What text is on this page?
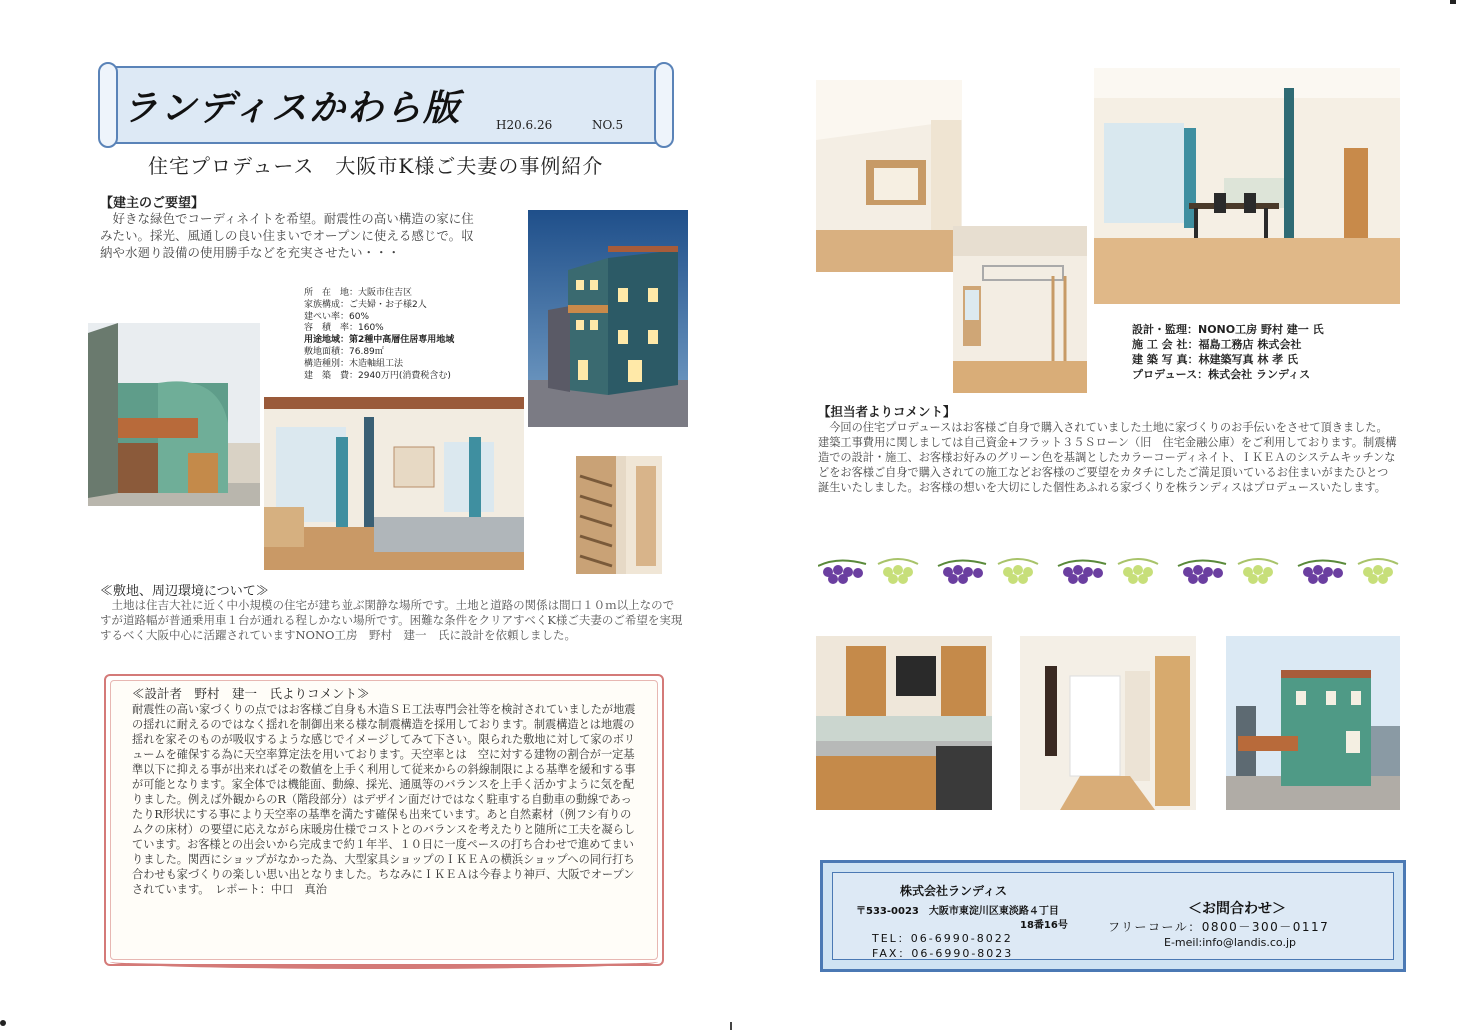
ランディスかわら版	H20.6.26	NO.5
住宅プロデュース　大阪市K様ご夫妻の事例紹介
【建主のご要望】
好きな緑色でコーディネイトを希望。耐震性の高い構造の家に住みたい。採光、風通しの良い住まいでオープンに使える感じで。収納や水廻り設備の使用勝手などを充実させたい・・・
所　在　地：大阪市住吉区
家族構成：ご夫婦・お子様2人
建ぺい率：60%
容　積　率：160%
用途地域：第2種中高層住居専用地域
敷地面積：76.89㎡
構造種別：木造軸組工法
建　築　費：2940万円(消費税含む)
≪敷地、周辺環境について≫
土地は住吉大社に近く中小規模の住宅が建ち並ぶ閑静な場所です。土地と道路の関係は間口１０ｍ以上なのですが道路幅が普通乗用車１台が通れる程しかない場所です。困難な条件をクリアすべくK様ご夫妻のご希望を実現するべく大阪中心に活躍されていますNONO工房　野村　建一　氏に設計を依頼しました。
≪設計者　野村　建一　氏よりコメント≫
耐震性の高い家づくりの点ではお客様ご自身も木造ＳＥ工法専門会社等を検討されていましたが地震の揺れに耐えるのではなく揺れを制御出来る様な制震構造を採用しております。制震構造とは地震の揺れを家そのものが吸収するような感じでイメージしてみて下さい。限られた敷地に対して家のボリュームを確保する為に天空率算定法を用いております。天空率とは　空に対する建物の割合が一定基準以下に抑える事が出来ればその数値を上手く利用して従来からの斜線制限による基準を緩和する事が可能となります。家全体では機能面、動線、採光、通風等のバランスを上手く活かすように気を配りました。例えば外観からのR（階段部分）はデザイン面だけではなく駐車する自動車の動線であったりR形状にする事により天空率の基準を満たす確保も出来ています。あと自然素材（例フシ有りのムクの床材）の要望に応えながら床暖房仕様でコストとのバランスを考えたりと随所に工夫を凝らしています。お客様との出会いから完成まで約１年半、１０日に一度ペースの打ち合わせで進めてまいりました。関西にショップがなかった為、大型家具ショップのＩＫＥＡの横浜ショップへの同行打ち合わせも家づくりの楽しい思い出となりました。ちなみにＩＫＥＡは今春より神戸、大阪でオープンされています。　レポート：中口　真治
設計・監理：NONO工房 野村 建一 氏
施 工 会 社：福島工務店 株式会社
建 築 写 真：林建築写真 林 孝 氏
プロデュース：株式会社 ランディス
【担当者よりコメント】
今回の住宅プロデュースはお客様ご自身で購入されていました土地に家づくりのお手伝いをさせて頂きました。建築工事費用に関しましては自己資金+フラット３５Ｓローン（旧　住宅金融公庫）をご利用しております。制震構造での設計・施工、お客様お好みのグリーン色を基調としたカラーコーディネイト、ＩＫＥＡのシステムキッチンなどをお客様ご自身で購入されての施工などお客様のご要望をカタチにしたご満足頂いているお住まいがまたひとつ誕生いたしました。お客様の想いを大切にした個性あふれる家づくりを株ランディスはプロデュースいたします。
株式会社ランディス
〒533-0023　大阪市東淀川区東淡路４丁目
18番16号
TEL：06-6990-8022
FAX：06-6990-8023
＜お問合わせ＞
フリーコール：0800－300－0117
E-meil:info@landis.co.jp
